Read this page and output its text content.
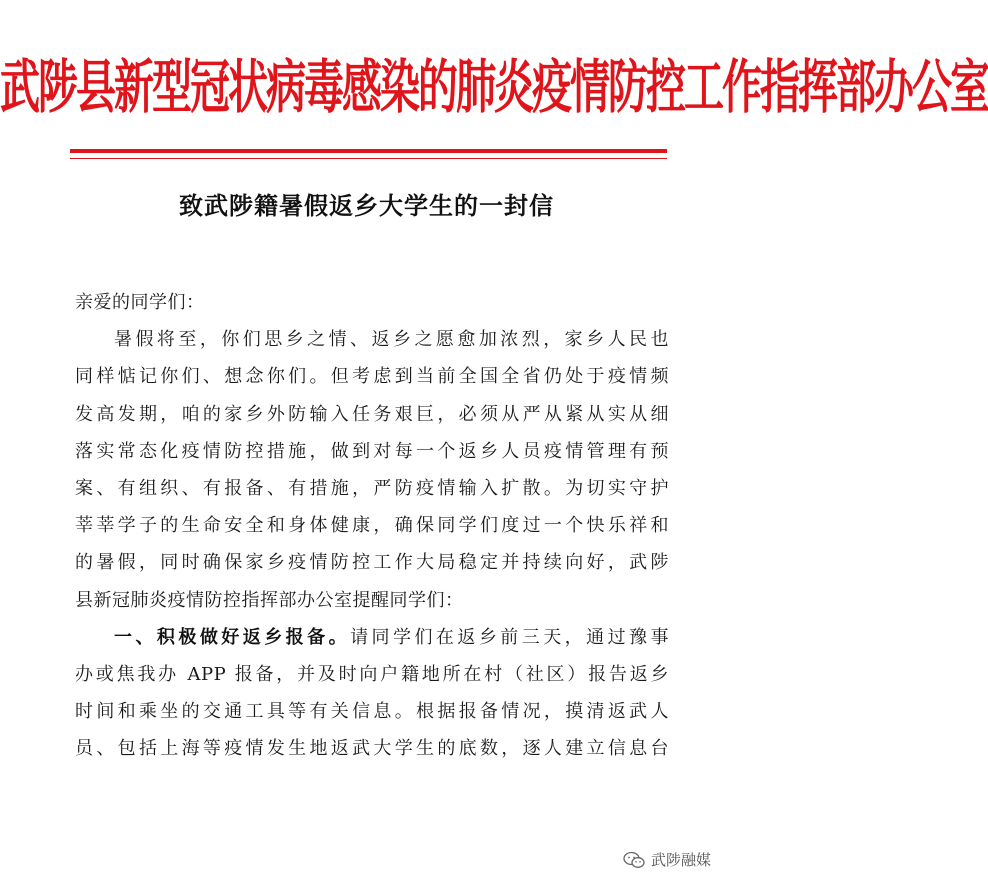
武陟县新型冠状病毒感染的肺炎疫情防控工作指挥部办公室
致武陟籍暑假返乡大学生的一封信
亲爱的同学们：
暑假将至，你们思乡之情、返乡之愿愈加浓烈，家乡人民也
同样惦记你们、想念你们。但考虑到当前全国全省仍处于疫情频
发高发期，咱的家乡外防输入任务艰巨，必须从严从紧从实从细
落实常态化疫情防控措施，做到对每一个返乡人员疫情管理有预
案、有组织、有报备、有措施，严防疫情输入扩散。为切实守护
莘莘学子的生命安全和身体健康，确保同学们度过一个快乐祥和
的暑假，同时确保家乡疫情防控工作大局稳定并持续向好，武陟
县新冠肺炎疫情防控指挥部办公室提醒同学们：
一、积极做好返乡报备。请同学们在返乡前三天，通过豫事
办或焦我办 APP 报备，并及时向户籍地所在村（社区）报告返乡
时间和乘坐的交通工具等有关信息。根据报备情况，摸清返武人
员、包括上海等疫情发生地返武大学生的底数，逐人建立信息台
武陟融媒
